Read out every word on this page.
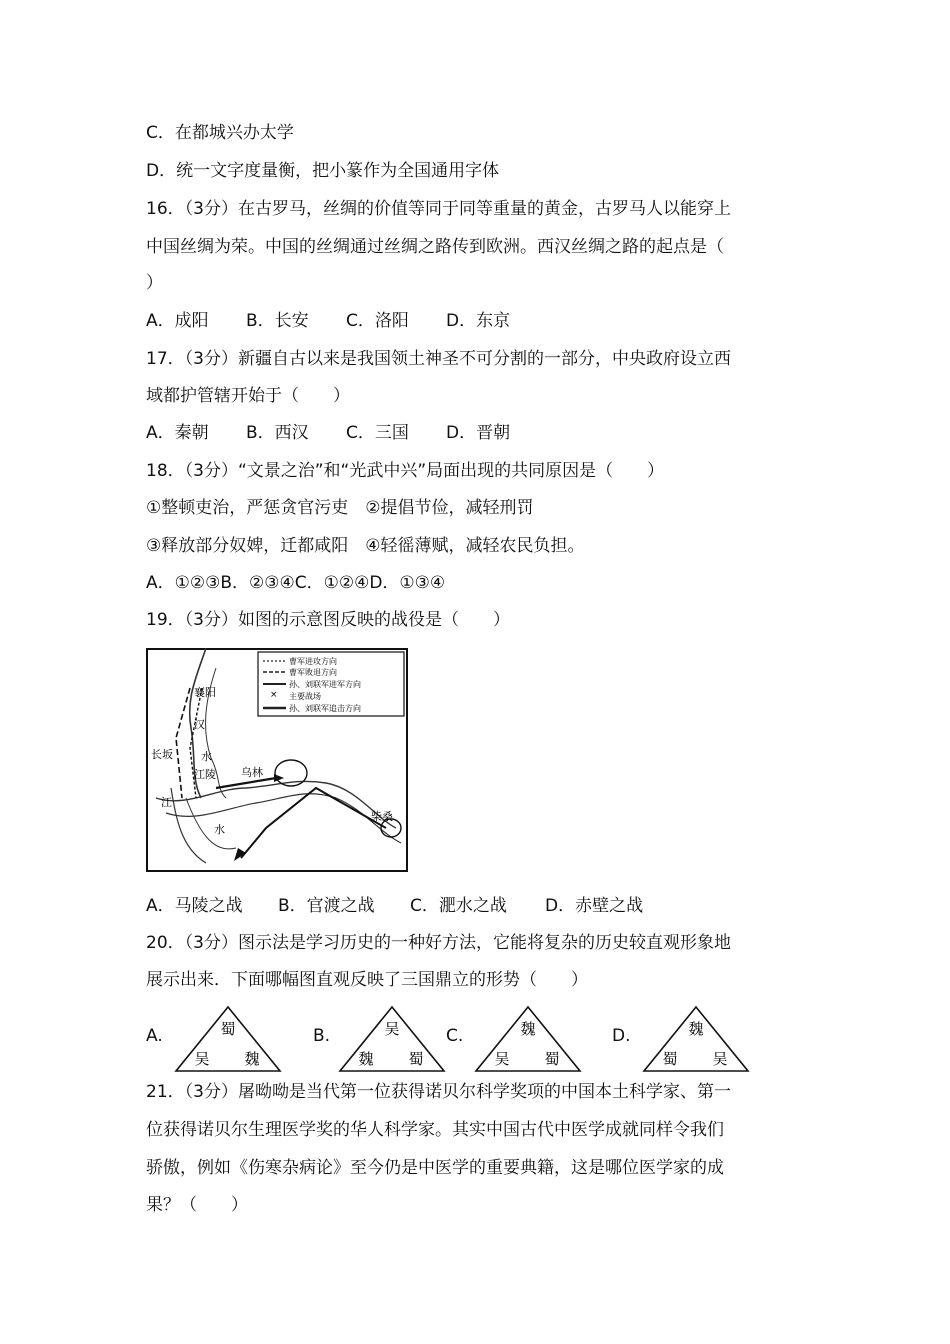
C．在都城兴办太学
D．统一文字度量衡，把小篆作为全国通用字体
16．（3分）在古罗马，丝绸的价值等同于同等重量的黄金，古罗马人以能穿上
中国丝绸为荣。中国的丝绸通过丝绸之路传到欧洲。西汉丝绸之路的起点是（
）
A．成阳 B．长安 C．洛阳 D．东京
17．（3分）新疆自古以来是我国领土神圣不可分割的一部分，中央政府设立西
域都护管辖开始于（　　）
A．秦朝 B．西汉 C．三国 D．晋朝
18．（3分）“文景之治”和“光武中兴”局面出现的共同原因是（　　）
①整顿吏治，严惩贪官污吏　②提倡节俭，减轻刑罚
③释放部分奴婢，迁都咸阳　④轻徭薄赋，减轻农民负担。
A．①②③B．②③④C．①②④D．①③④
19．（3分）如图的示意图反映的战役是（　　）
×
曹军进攻方向
曹军败退方向
孙、刘联军进军方向
主要战场
孙、刘联军追击方向
襄阳
汉
水
长坂
江陵 乌林
江
水
柴桑
A．马陵之战 B．官渡之战 C．淝水之战 D．赤壁之战
20．（3分）图示法是学习历史的一种好方法，它能将复杂的历史较直观形象地
展示出来．下面哪幅图直观反映了三国鼎立的形势（　　）
A.	蜀
吴 魏
B.	吴
魏 蜀
C.	魏
吴 蜀
D.	魏
蜀 吴
21．（3分）屠呦呦是当代第一位获得诺贝尔科学奖项的中国本土科学家、第一
位获得诺贝尔生理医学奖的华人科学家。其实中国古代中医学成就同样令我们
骄傲，例如《伤寒杂病论》至今仍是中医学的重要典籍，这是哪位医学家的成
果？（　　）
